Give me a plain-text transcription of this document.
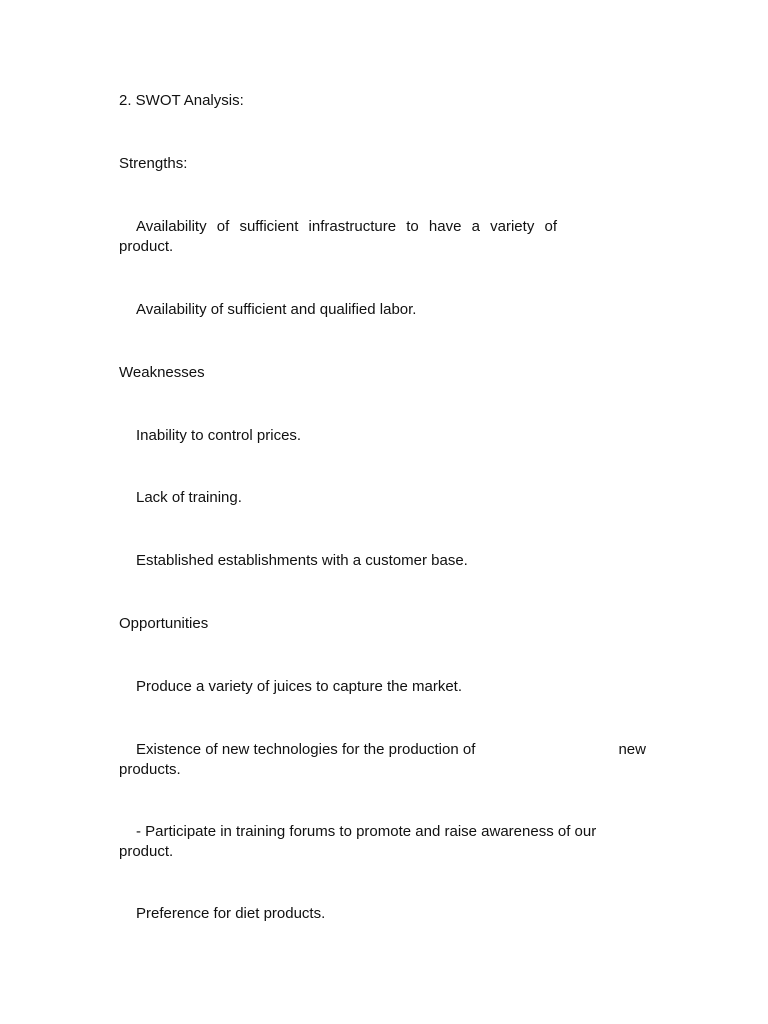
2. SWOT Analysis:
Strengths:
Availability of sufficient infrastructure to have a variety of product.
Availability of sufficient and qualified labor.
Weaknesses
Inability to control prices.
Lack of training.
Established establishments with a customer base.
Opportunities
Produce a variety of juices to capture the market.
Existence of new technologies for the production of	new
products.
- Participate in training forums to promote and raise awareness of our product.
Preference for diet products.
